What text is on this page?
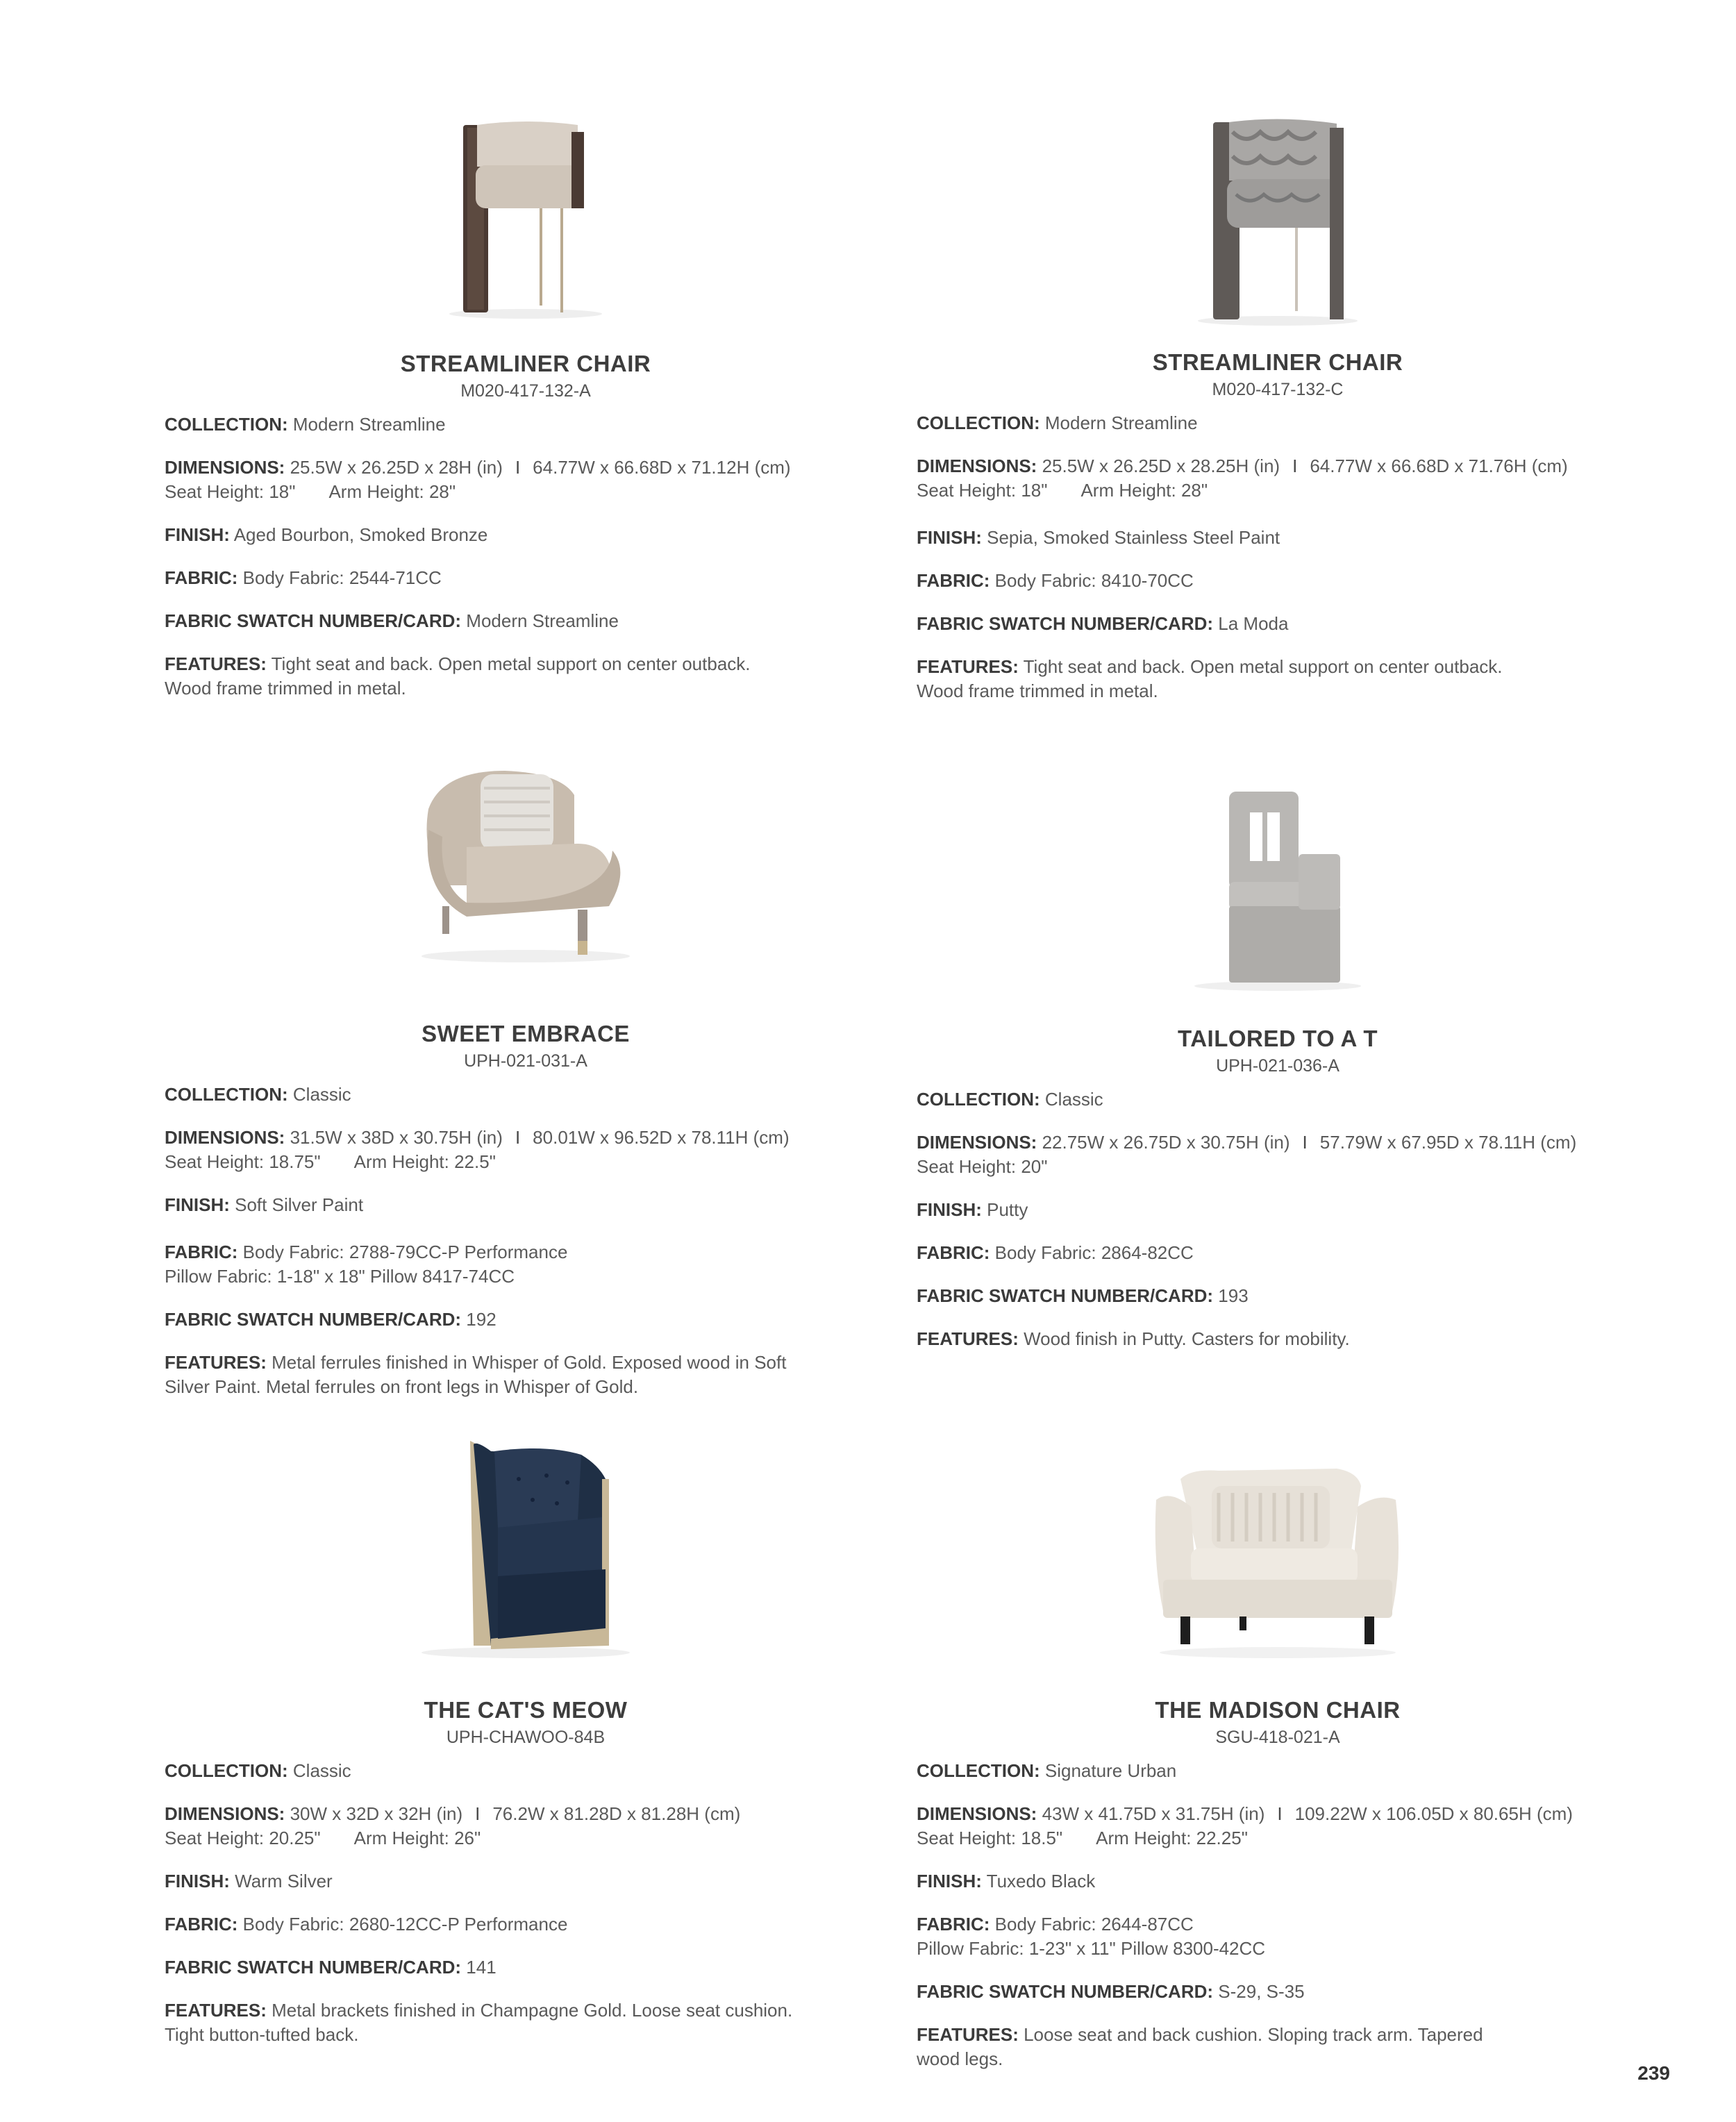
STREAMLINER CHAIR
M020-417-132-A
COLLECTION: Modern Streamline
DIMENSIONS: 25.5W x 26.25D x 28H (in) I 64.77W x 66.68D x 71.12H (cm)
Seat Height: 18" Arm Height: 28"
FINISH: Aged Bourbon, Smoked Bronze
FABRIC: Body Fabric: 2544-71CC
FABRIC SWATCH NUMBER/CARD: Modern Streamline
FEATURES: Tight seat and back. Open metal support on center outback.
Wood frame trimmed in metal.
STREAMLINER CHAIR
M020-417-132-C
COLLECTION: Modern Streamline
DIMENSIONS: 25.5W x 26.25D x 28.25H (in) I 64.77W x 66.68D x 71.76H (cm)
Seat Height: 18" Arm Height: 28"
FINISH: Sepia, Smoked Stainless Steel Paint
FABRIC: Body Fabric: 8410-70CC
FABRIC SWATCH NUMBER/CARD: La Moda
FEATURES: Tight seat and back. Open metal support on center outback.
Wood frame trimmed in metal.
SWEET EMBRACE
UPH-021-031-A
COLLECTION: Classic
DIMENSIONS: 31.5W x 38D x 30.75H (in) I 80.01W x 96.52D x 78.11H (cm)
Seat Height: 18.75" Arm Height: 22.5"
FINISH: Soft Silver Paint
FABRIC: Body Fabric: 2788-79CC-P Performance
Pillow Fabric: 1-18" x 18" Pillow 8417-74CC
FABRIC SWATCH NUMBER/CARD: 192
FEATURES: Metal ferrules finished in Whisper of Gold. Exposed wood in Soft
Silver Paint. Metal ferrules on front legs in Whisper of Gold.
TAILORED TO A T
UPH-021-036-A
COLLECTION: Classic
DIMENSIONS: 22.75W x 26.75D x 30.75H (in) I 57.79W x 67.95D x 78.11H (cm)
Seat Height: 20"
FINISH: Putty
FABRIC: Body Fabric: 2864-82CC
FABRIC SWATCH NUMBER/CARD: 193
FEATURES: Wood finish in Putty. Casters for mobility.
THE CAT'S MEOW
UPH-CHAWOO-84B
COLLECTION: Classic
DIMENSIONS: 30W x 32D x 32H (in) I 76.2W x 81.28D x 81.28H (cm)
Seat Height: 20.25" Arm Height: 26"
FINISH: Warm Silver
FABRIC: Body Fabric: 2680-12CC-P Performance
FABRIC SWATCH NUMBER/CARD: 141
FEATURES: Metal brackets finished in Champagne Gold. Loose seat cushion.
Tight button-tufted back.
THE MADISON CHAIR
SGU-418-021-A
COLLECTION: Signature Urban
DIMENSIONS: 43W x 41.75D x 31.75H (in) I 109.22W x 106.05D x 80.65H (cm)
Seat Height: 18.5" Arm Height: 22.25"
FINISH: Tuxedo Black
FABRIC: Body Fabric: 2644-87CC
Pillow Fabric: 1-23" x 11" Pillow 8300-42CC
FABRIC SWATCH NUMBER/CARD: S-29, S-35
FEATURES: Loose seat and back cushion. Sloping track arm. Tapered
wood legs.
239
